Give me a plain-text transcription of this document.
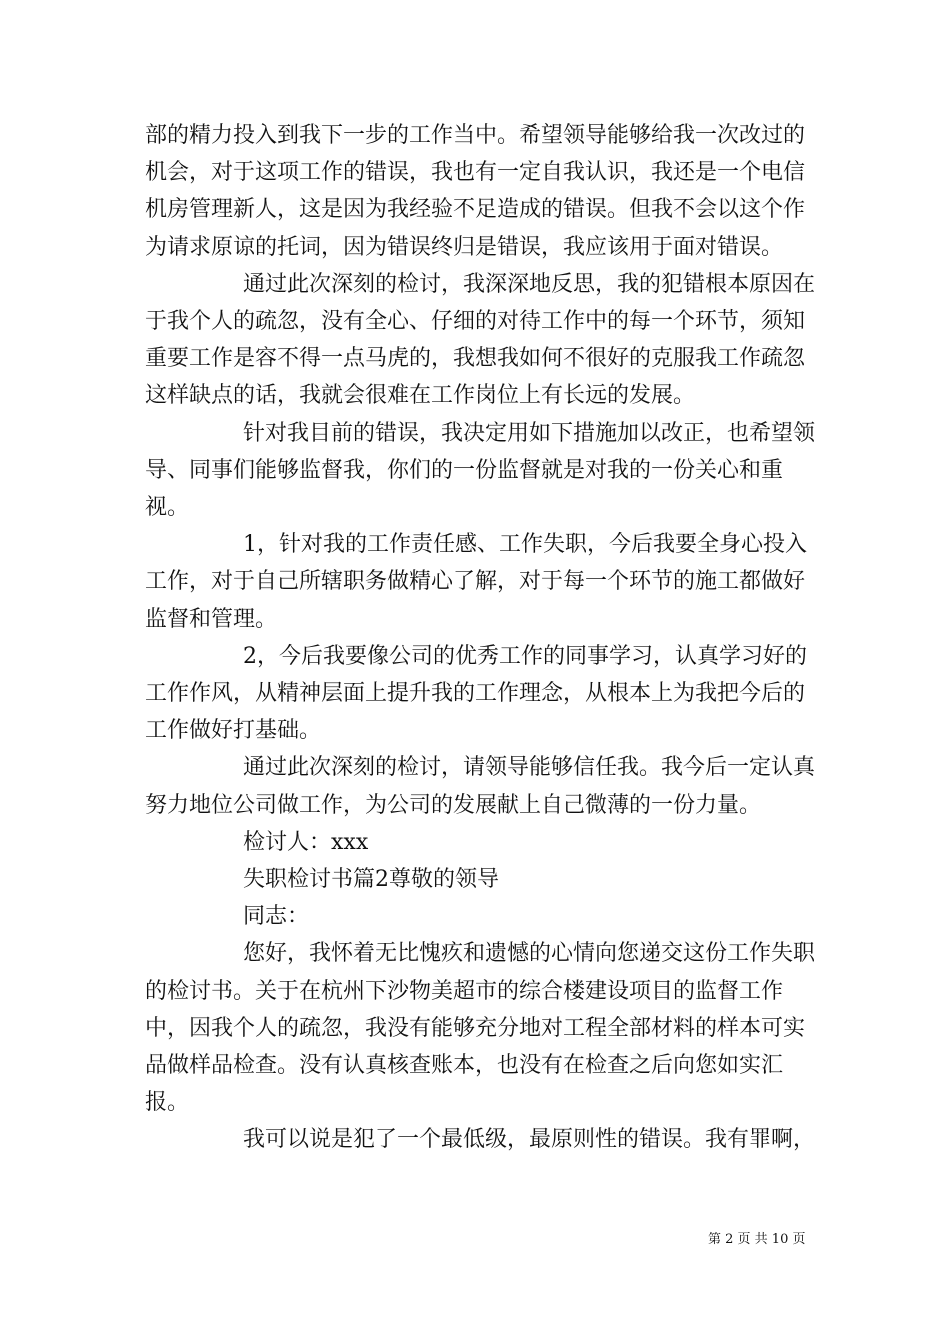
部的精力投入到我下一步的工作当中。希望领导能够给我一次改过的机会，对于这项工作的错误，我也有一定自我认识，我还是一个电信机房管理新人，这是因为我经验不足造成的错误。但我不会以这个作为请求原谅的托词，因为错误终归是错误，我应该用于面对错误。

通过此次深刻的检讨，我深深地反思，我的犯错根本原因在于我个人的疏忽，没有全心、仔细的对待工作中的每一个环节，须知重要工作是容不得一点马虎的，我想我如何不很好的克服我工作疏忽这样缺点的话，我就会很难在工作岗位上有长远的发展。

针对我目前的错误，我决定用如下措施加以改正，也希望领导、同事们能够监督我，你们的一份监督就是对我的一份关心和重视。

1，针对我的工作责任感、工作失职，今后我要全身心投入工作，对于自己所辖职务做精心了解，对于每一个环节的施工都做好监督和管理。

2，今后我要像公司的优秀工作的同事学习，认真学习好的工作作风，从精神层面上提升我的工作理念，从根本上为我把今后的工作做好打基础。

通过此次深刻的检讨，请领导能够信任我。我今后一定认真努力地位公司做工作，为公司的发展献上自己微薄的一份力量。

检讨人：xxx

失职检讨书篇2尊敬的领导

同志：

您好，我怀着无比愧疚和遗憾的心情向您递交这份工作失职的检讨书。关于在杭州下沙物美超市的综合楼建设项目的监督工作中，因我个人的疏忽，我没有能够充分地对工程全部材料的样本可实品做样品检查。没有认真核查账本，也没有在检查之后向您如实汇报。

我可以说是犯了一个最低级，最原则性的错误。我有罪啊，

第 2 页 共 10 页
